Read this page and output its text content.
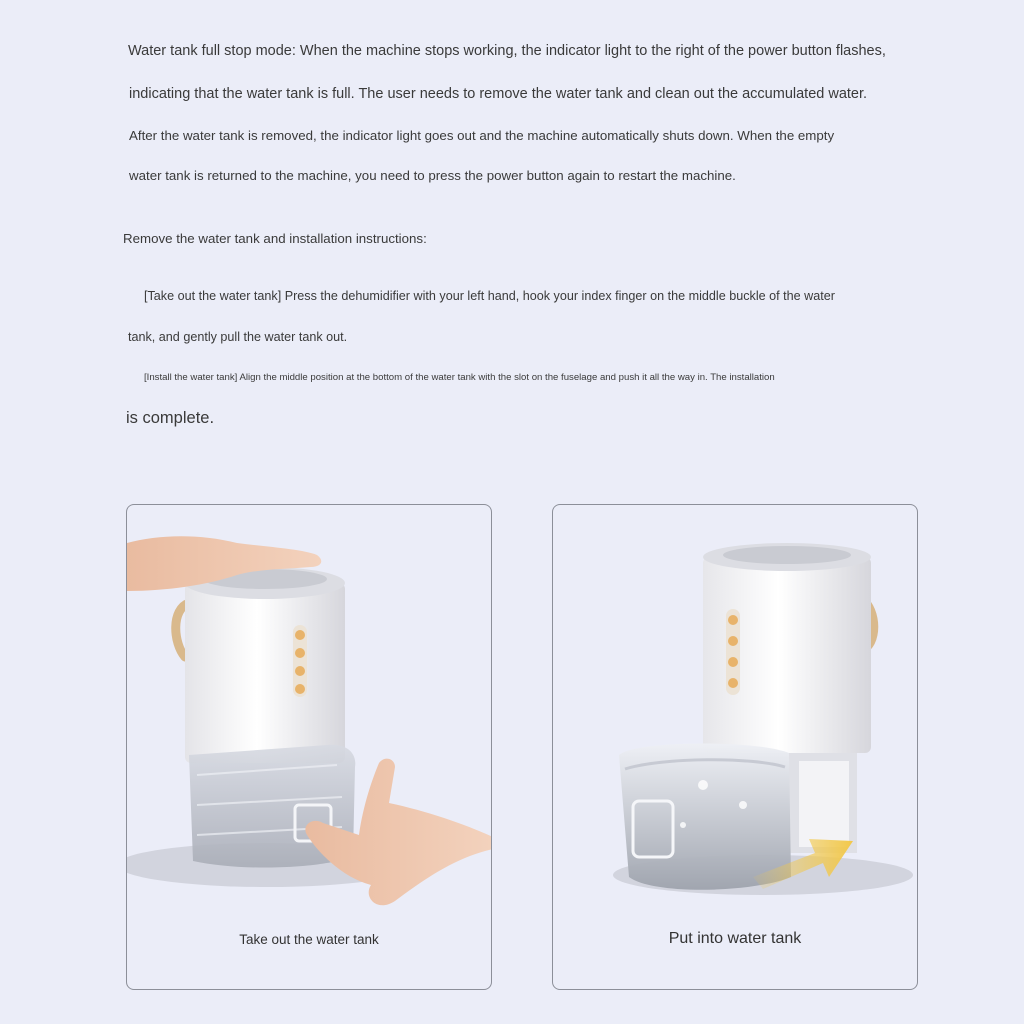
Water tank full stop mode: When the machine stops working, the indicator light to the right of the power button flashes,

indicating that the water tank is full. The user needs to remove the water tank and clean out the accumulated water.

After the water tank is removed, the indicator light goes out and the machine automatically shuts down. When the empty

water tank is returned to the machine, you need to press the power button again to restart the machine.

Remove the water tank and installation instructions:

[Take out the water tank] Press the dehumidifier with your left hand, hook your index finger on the middle buckle of the water

tank, and gently pull the water tank out.

[Install the water tank] Align the middle position at the bottom of the water tank with the slot on the fuselage and push it all the way in. The installation

is complete.

Take out the water tank	Put into water tank
